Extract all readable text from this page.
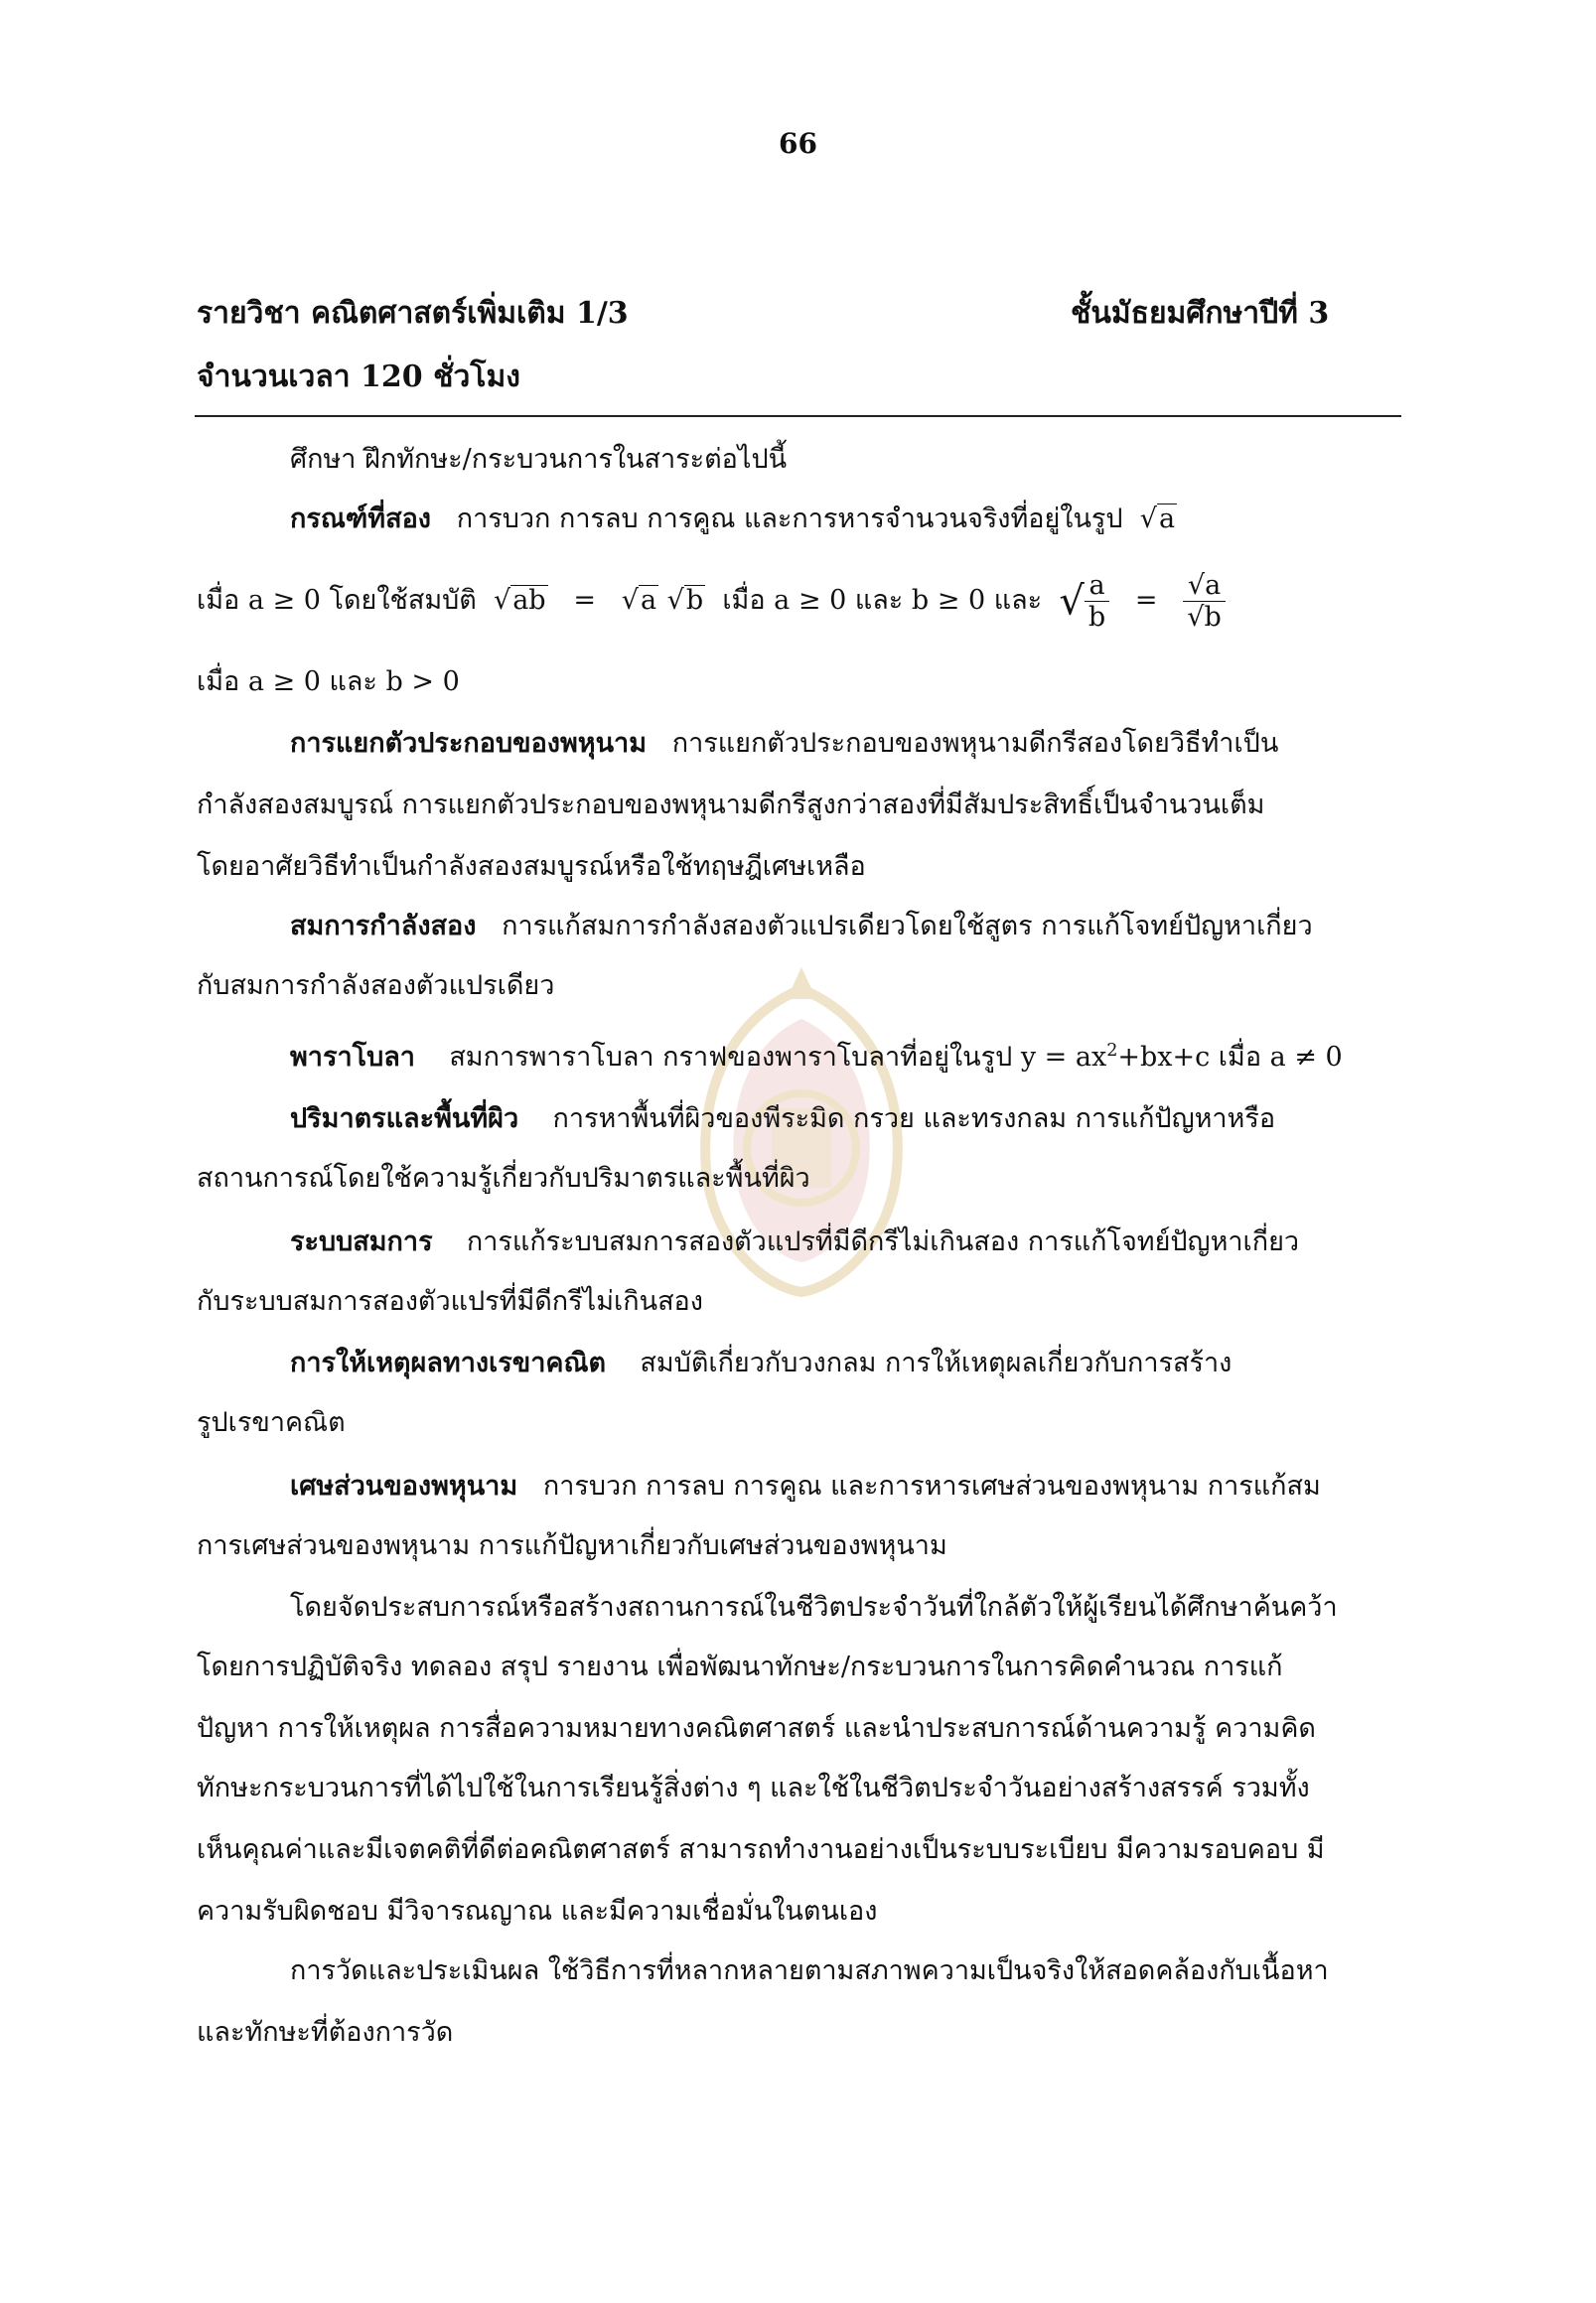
66
รายวิชา คณิตศาสตร์เพิ่มเติม 1/3	ชั้นมัธยมศึกษาปีที่ 3
จำนวนเวลา 120 ชั่วโมง
ศึกษา ฝึกทักษะ/กระบวนการในสาระต่อไปนี้
กรณฑ์ที่สอง การบวก การลบ การคูณ และการหารจำนวนจริงที่อยู่ในรูป √a
เมื่อ a ≥ 0 โดยใช้สมบัติ √ab = √a √b เมื่อ a ≥ 0 และ b ≥ 0 และ √ $\frac{a}{b} = \frac{√a}{√b}$
เมื่อ a ≥ 0 และ b > 0
การแยกตัวประกอบของพหุนาม การแยกตัวประกอบของพหุนามดีกรีสองโดยวิธีทำเป็น
กำลังสองสมบูรณ์ การแยกตัวประกอบของพหุนามดีกรีสูงกว่าสองที่มีสัมประสิทธิ์เป็นจำนวนเต็ม
โดยอาศัยวิธีทำเป็นกำลังสองสมบูรณ์หรือใช้ทฤษฎีเศษเหลือ
สมการกำลังสอง การแก้สมการกำลังสองตัวแปรเดียวโดยใช้สูตร การแก้โจทย์ปัญหาเกี่ยว
กับสมการกำลังสองตัวแปรเดียว
พาราโบลา สมการพาราโบลา กราฟของพาราโบลาที่อยู่ในรูป $y = ax^2+bx+c$ เมื่อ a ≠ 0
ปริมาตรและพื้นที่ผิว การหาพื้นที่ผิวของพีระมิด กรวย และทรงกลม การแก้ปัญหาหรือ
สถานการณ์โดยใช้ความรู้เกี่ยวกับปริมาตรและพื้นที่ผิว
ระบบสมการ การแก้ระบบสมการสองตัวแปรที่มีดีกรีไม่เกินสอง การแก้โจทย์ปัญหาเกี่ยว
กับระบบสมการสองตัวแปรที่มีดีกรีไม่เกินสอง
การให้เหตุผลทางเรขาคณิต สมบัติเกี่ยวกับวงกลม การให้เหตุผลเกี่ยวกับการสร้าง
รูปเรขาคณิต
เศษส่วนของพหุนาม การบวก การลบ การคูณ และการหารเศษส่วนของพหุนาม การแก้สม
การเศษส่วนของพหุนาม การแก้ปัญหาเกี่ยวกับเศษส่วนของพหุนาม
โดยจัดประสบการณ์หรือสร้างสถานการณ์ในชีวิตประจำวันที่ใกล้ตัวให้ผู้เรียนได้ศึกษาค้นคว้า
โดยการปฏิบัติจริง ทดลอง สรุป รายงาน เพื่อพัฒนาทักษะ/กระบวนการในการคิดคำนวณ การแก้
ปัญหา การให้เหตุผล การสื่อความหมายทางคณิตศาสตร์ และนำประสบการณ์ด้านความรู้ ความคิด
ทักษะกระบวนการที่ได้ไปใช้ในการเรียนรู้สิ่งต่าง ๆ และใช้ในชีวิตประจำวันอย่างสร้างสรรค์ รวมทั้ง
เห็นคุณค่าและมีเจตคติที่ดีต่อคณิตศาสตร์ สามารถทำงานอย่างเป็นระบบระเบียบ มีความรอบคอบ มี
ความรับผิดชอบ มีวิจารณญาณ และมีความเชื่อมั่นในตนเอง
การวัดและประเมินผล ใช้วิธีการที่หลากหลายตามสภาพความเป็นจริงให้สอดคล้องกับเนื้อหา
และทักษะที่ต้องการวัด
